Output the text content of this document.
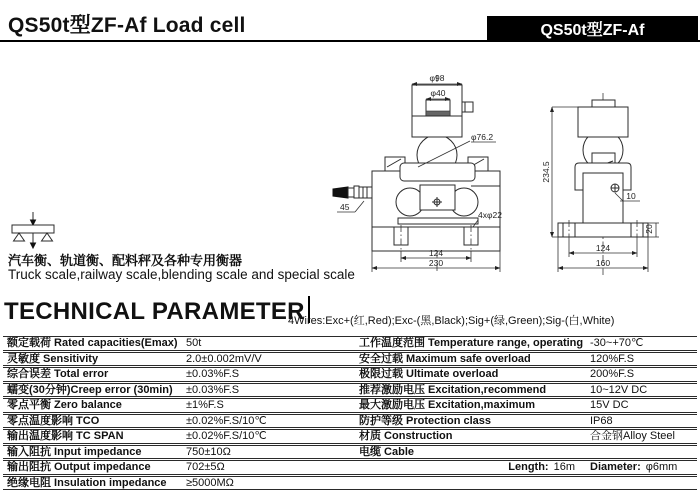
QS50t型ZF-Af Load cell	QS50t型ZF-Af
汽车衡、轨道衡、配料秤及各种专用衡器
Truck scale,railway scale,blending scale and special scale
φ98
φ40
φ76.2
4xφ22
124
230
45
10
20
234.5
124
160
TECHNICAL PARAMETER
4Wires:Exc+(红,Red);Exc-(黑,Black);Sig+(绿,Green);Sig-(白,White)
额定载荷 Rated capacities(Emax) 50t	工作温度范围 Temperature range, operating -30~+70℃
灵敏度 Sensitivity	2.0±0.002mV/V	安全过载 Maximum safe overload	120%F.S
综合误差 Total error	±0.03%F.S	极限过载 Ultimate overload	200%F.S
蠕变(30分钟)Creep error (30min)	±0.03%F.S	推荐激励电压 Excitation,recommend	10~12V DC
零点平衡 Zero balance	±1%F.S	最大激励电压 Excitation,maximum	15V DC
零点温度影响 TCO	±0.02%F.S/10℃	防护等级 Protection class	IP68
输出温度影响 TC SPAN	±0.02%F.S/10℃	材质 Construction	合金钢Alloy Steel
输入阻抗 Input impedance	750±10Ω	电缆 Cable
输出阻抗 Output impedance	702±5Ω	Length: 16m	Diameter: φ6mm
绝缘电阻 Insulation impedance	≥5000MΩ
